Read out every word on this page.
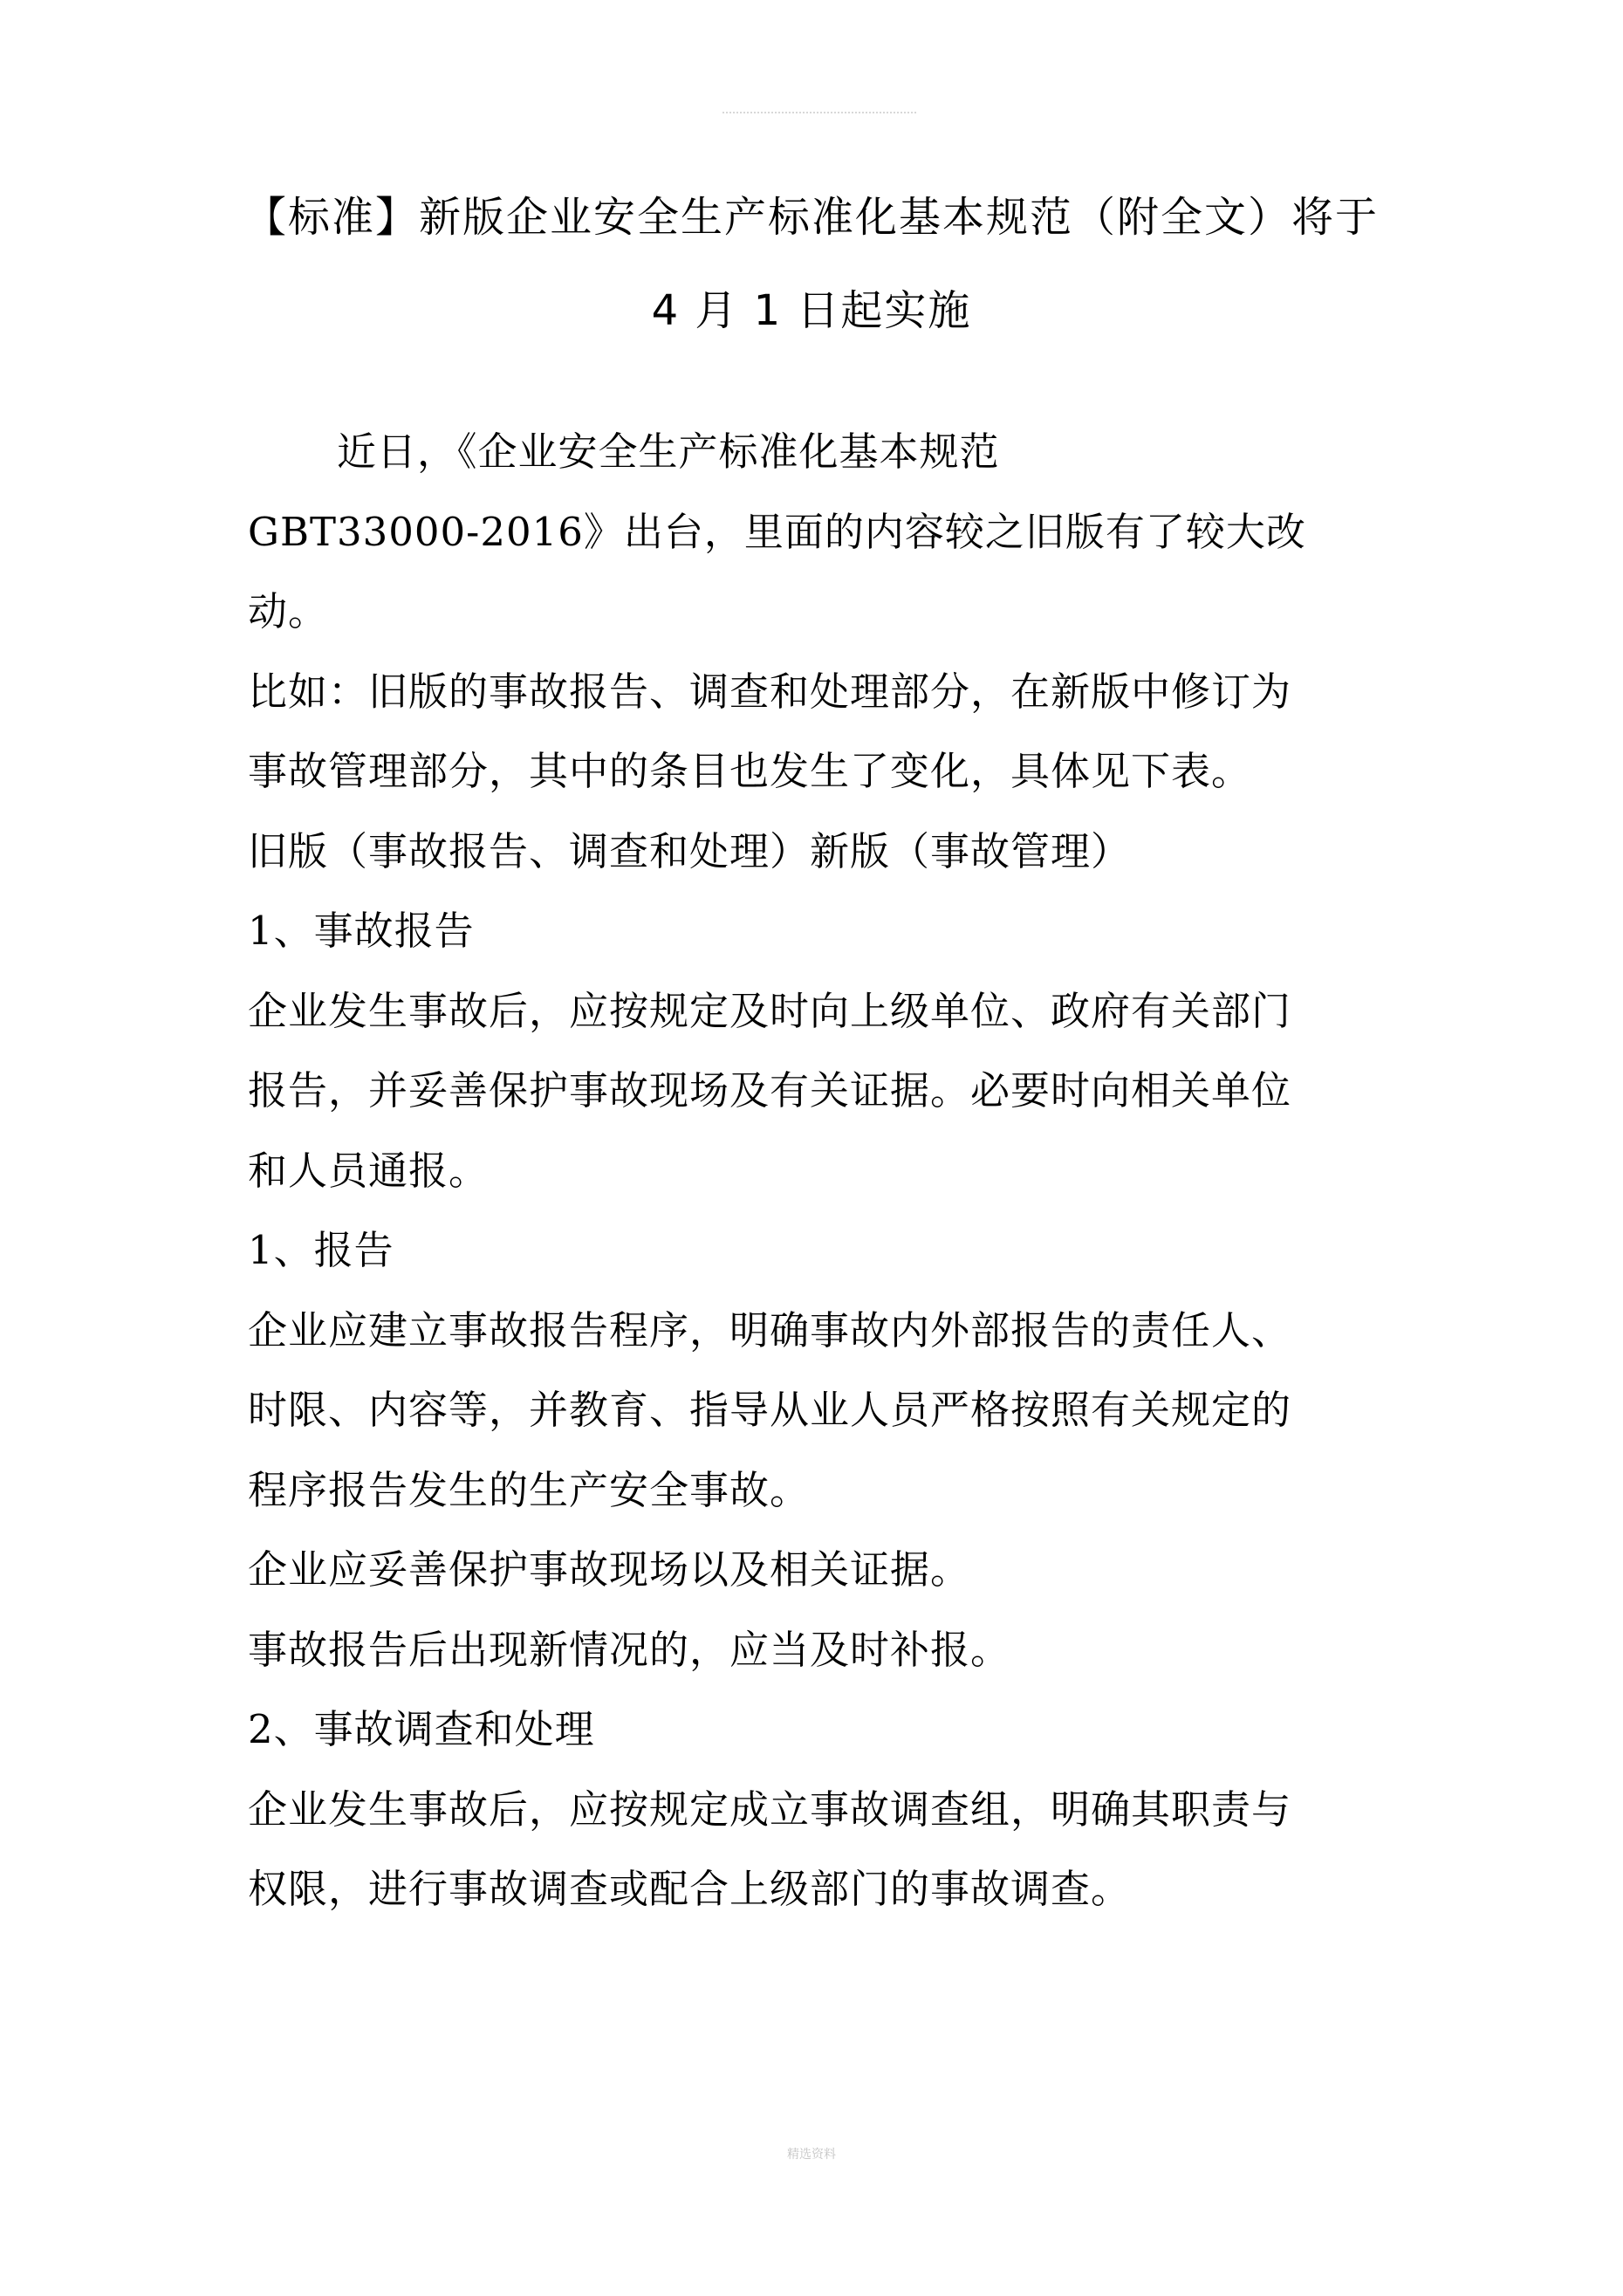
【标准】新版企业安全生产标准化基本规范（附全文）将于
4 月 1 日起实施

近日，《企业安全生产标准化基本规范

GBT33000-2016》出台，里面的内容较之旧版有了较大改

动。

比如：旧版的事故报告、调查和处理部分，在新版中修订为

事故管理部分，其中的条目也发生了变化，具体见下表。

旧版（事故报告、调查和处理）新版（事故管理）

1、事故报告

企业发生事故后，应按规定及时向上级单位、政府有关部门

报告，并妥善保护事故现场及有关证据。必要时向相关单位

和人员通报。

1、报告

企业应建立事故报告程序，明确事故内外部报告的责任人、

时限、内容等，并教育、指导从业人员严格按照有关规定的

程序报告发生的生产安全事故。

企业应妥善保护事故现场以及相关证据。

事故报告后出现新情况的，应当及时补报。

2、事故调查和处理

企业发生事故后，应按规定成立事故调查组，明确其职责与

权限，进行事故调查或配合上级部门的事故调查。

精选资料
